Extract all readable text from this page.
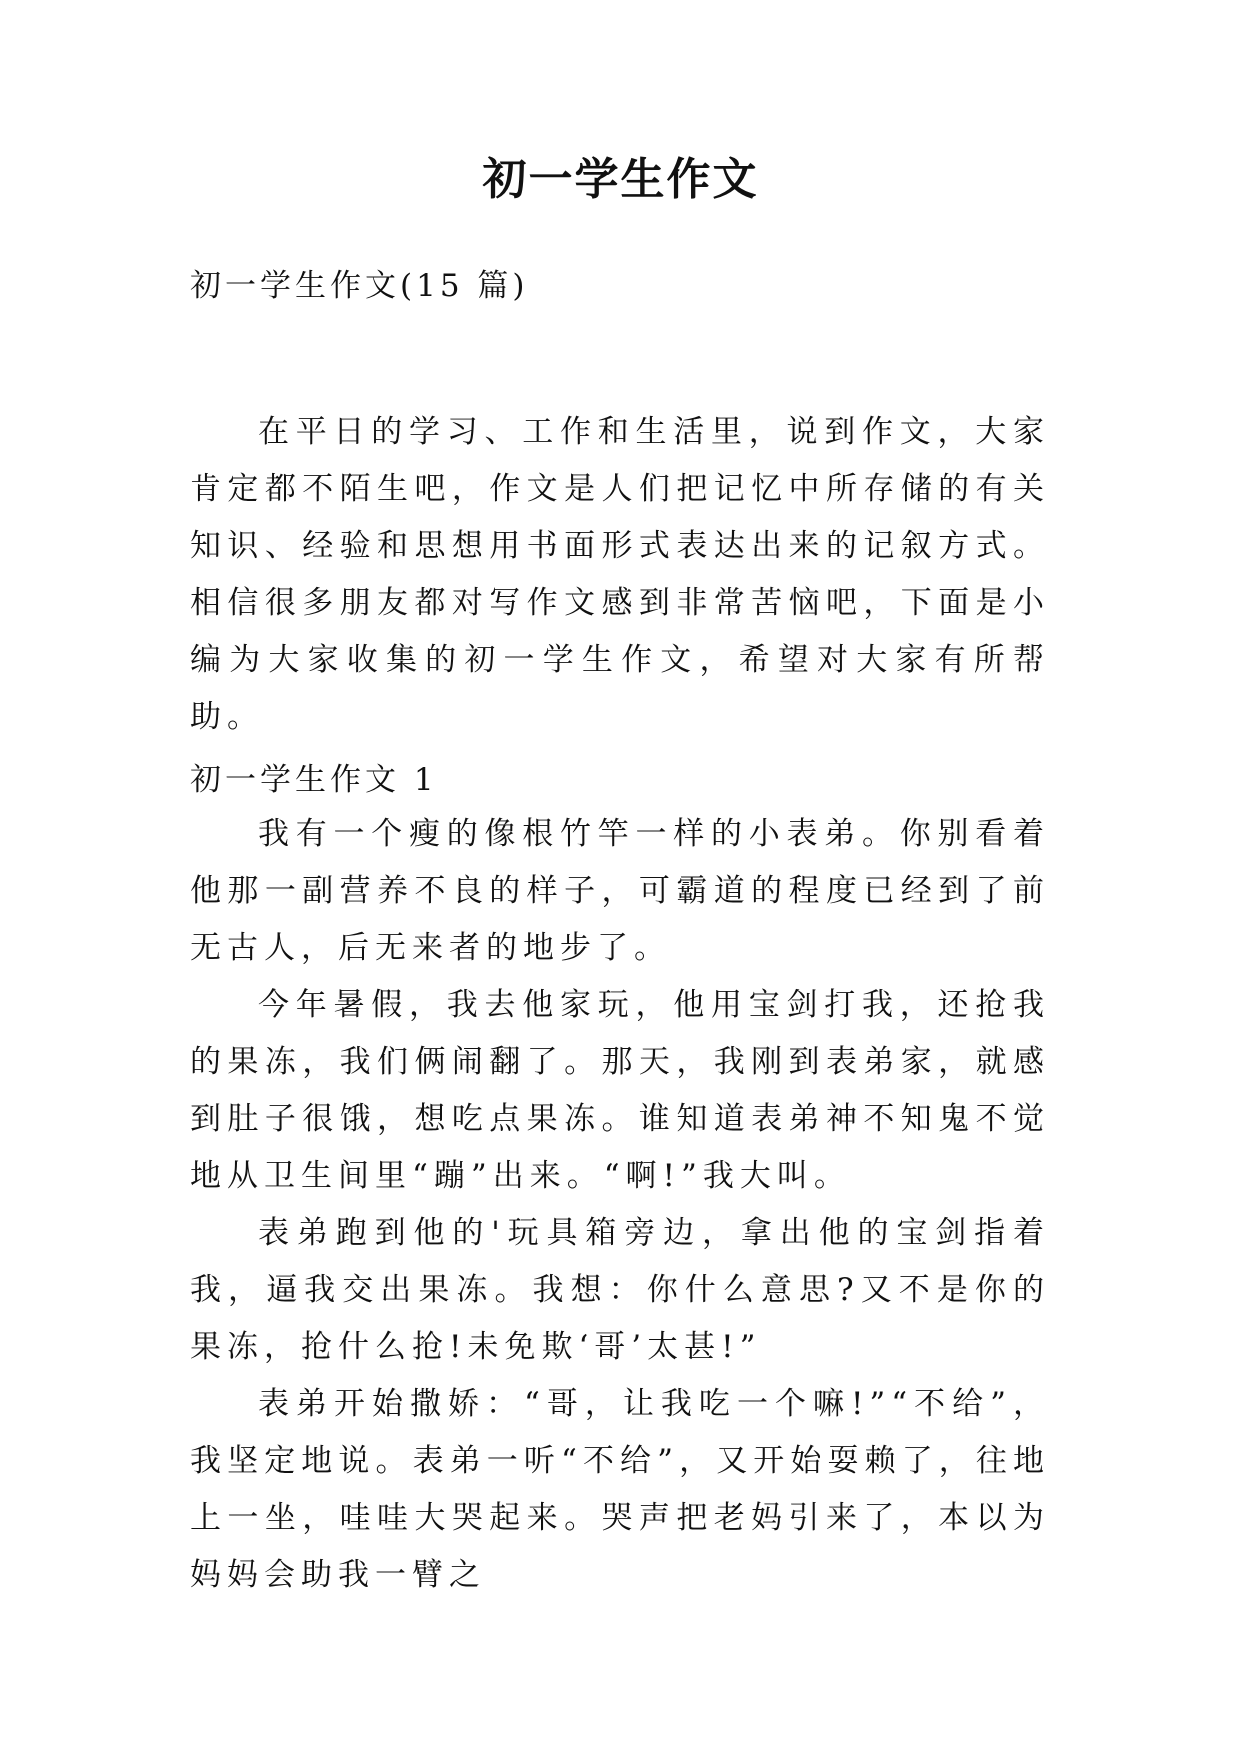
初一学生作文
初一学生作文(15 篇)

在平日的学习、工作和生活里，说到作文，大家肯定都不陌生吧，作文是人们把记忆中所存储的有关知识、经验和思想用书面形式表达出来的记叙方式。相信很多朋友都对写作文感到非常苦恼吧，下面是小编为大家收集的初一学生作文，希望对大家有所帮助。

初一学生作文 1

我有一个瘦的像根竹竿一样的小表弟。你别看着他那一副营养不良的样子，可霸道的程度已经到了前无古人，后无来者的地步了。

今年暑假，我去他家玩，他用宝剑打我，还抢我的果冻，我们俩闹翻了。那天，我刚到表弟家，就感到肚子很饿，想吃点果冻。谁知道表弟神不知鬼不觉地从卫生间里“蹦”出来。“啊!”我大叫。

表弟跑到他的'玩具箱旁边，拿出他的宝剑指着我，逼我交出果冻。我想：你什么意思?又不是你的果冻，抢什么抢!未免欺‘哥’太甚!”

表弟开始撒娇：“哥，让我吃一个嘛!”“不给”，我坚定地说。表弟一听“不给”，又开始耍赖了，往地上一坐，哇哇大哭起来。哭声把老妈引来了，本以为妈妈会助我一臂之
